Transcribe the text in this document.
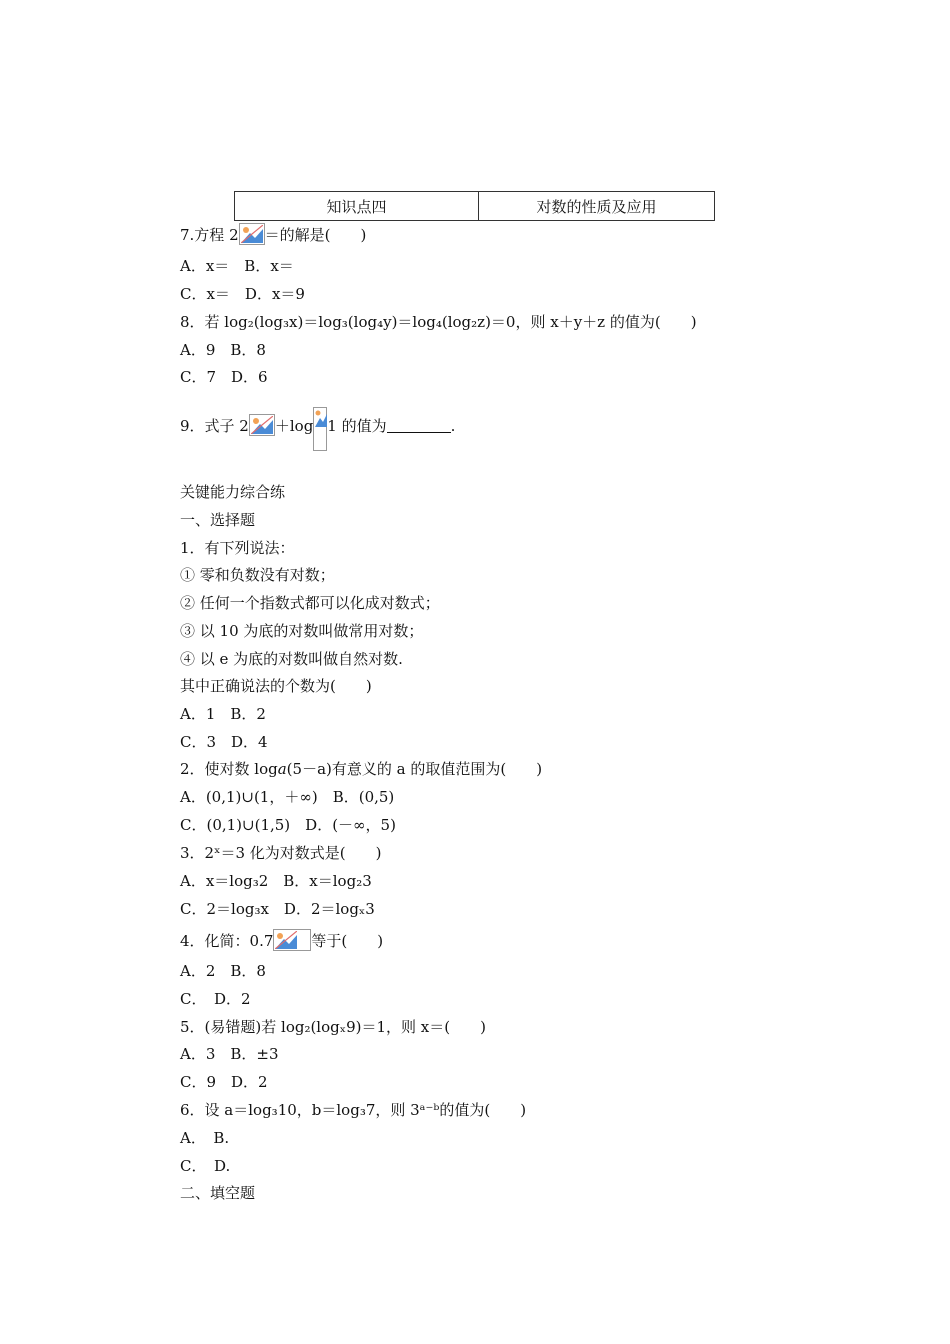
知识点四	对数的性质及应用
7.方程 2 ＝的解是(　　)
A．x＝　B．x＝
C．x＝　D．x＝9
8．若 log₂(log₃x)＝log₃(log₄y)＝log₄(log₂z)＝0，则 x＋y＋z 的值为(　　)
A．9　B．8
C．7　D．6
9．式子 2 ＋log 1 的值为	.
关键能力综合练
一、选择题
1．有下列说法：
① 零和负数没有对数；
② 任何一个指数式都可以化成对数式；
③ 以 10 为底的对数叫做常用对数；
④ 以 e 为底的对数叫做自然对数.
其中正确说法的个数为(　　)
A．1　B．2
C．3　D．4
2．使对数 log𝑎(5－a)有意义的 a 的取值范围为(　　)
A．(0,1)∪(1，＋∞)　B．(0,5)
C．(0,1)∪(1,5)　D．(－∞，5)
3．2ˣ＝3 化为对数式是(　　)
A．x＝log₃2　B．x＝log₂3
C．2＝log₃x　D．2＝logₓ3
4．化简：0.7	等于(　　)
A．2　B．8
C．　D．2
5．(易错题)若 log₂(logₓ9)＝1，则 x＝(　　)
A．3　B．±3
C．9　D．2
6．设 a＝log₃10，b＝log₃7，则 3ᵃ⁻ᵇ的值为(　　)
A．　B.
C．　D.
二、填空题
